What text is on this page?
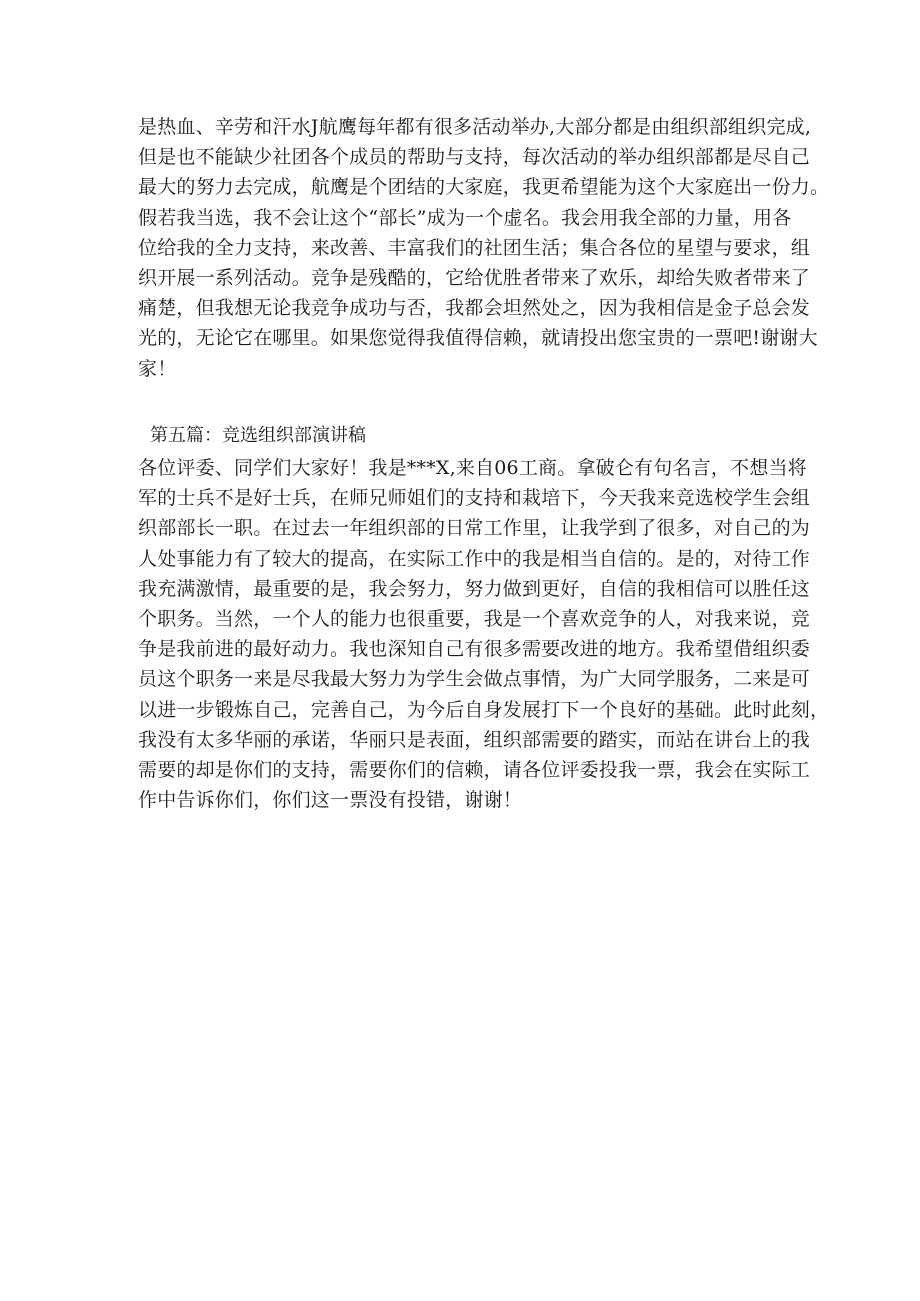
是热血、辛劳和汗水J航鹰每年都有很多活动举办,大部分都是由组织部组织完成,
但是也不能缺少社团各个成员的帮助与支持，每次活动的举办组织部都是尽自己
最大的努力去完成，航鹰是个团结的大家庭，我更希望能为这个大家庭出一份力。
假若我当选，我不会让这个“部长”成为一个虚名。我会用我全部的力量，用各
位给我的全力支持，来改善、丰富我们的社团生活；集合各位的星望与要求，组
织开展一系列活动。竞争是残酷的，它给优胜者带来了欢乐，却给失败者带来了
痛楚，但我想无论我竞争成功与否，我都会坦然处之，因为我相信是金子总会发
光的，无论它在哪里。如果您觉得我值得信赖，就请投出您宝贵的一票吧!谢谢大
家！
第五篇：竞选组织部演讲稿
各位评委、同学们大家好！我是***X,来自06工商。拿破仑有句名言，不想当将
军的士兵不是好士兵，在师兄师姐们的支持和栽培下，今天我来竞选校学生会组
织部部长一职。在过去一年组织部的日常工作里，让我学到了很多，对自己的为
人处事能力有了较大的提高，在实际工作中的我是相当自信的。是的，对待工作
我充满激情，最重要的是，我会努力，努力做到更好，自信的我相信可以胜任这
个职务。当然，一个人的能力也很重要，我是一个喜欢竞争的人，对我来说，竞
争是我前进的最好动力。我也深知自己有很多需要改进的地方。我希望借组织委
员这个职务一来是尽我最大努力为学生会做点事情，为广大同学服务，二来是可
以进一步锻炼自己，完善自己，为今后自身发展打下一个良好的基础。此时此刻，
我没有太多华丽的承诺，华丽只是表面，组织部需要的踏实，而站在讲台上的我
需要的却是你们的支持，需要你们的信赖，请各位评委投我一票，我会在实际工
作中告诉你们，你们这一票没有投错，谢谢！
